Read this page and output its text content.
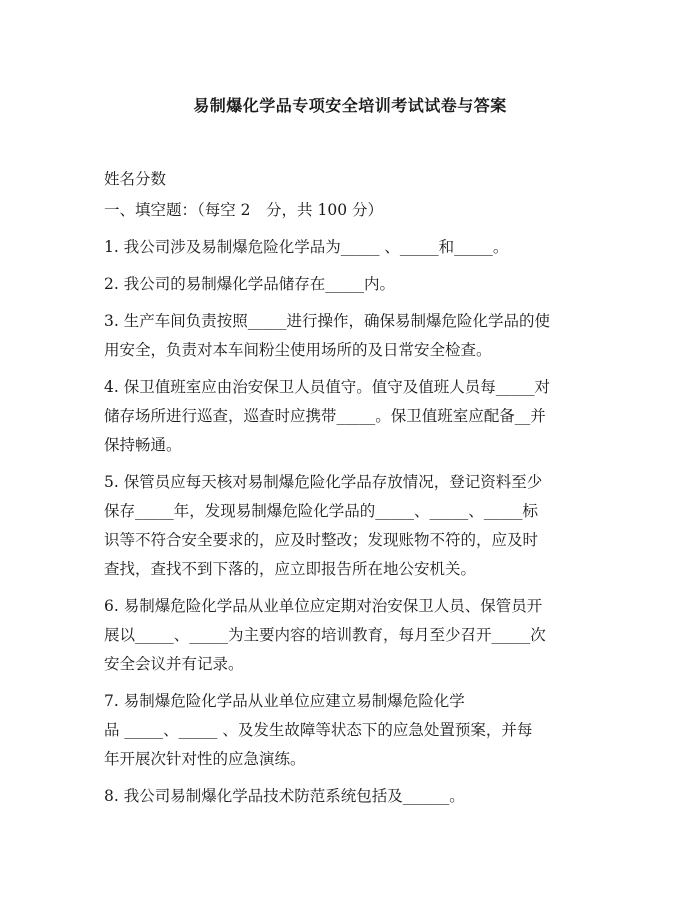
易制爆化学品专项安全培训考试试卷与答案

姓名分数

一、填空题：（每空 2　分，共 100 分）

1. 我公司涉及易制爆危险化学品为_____ 、_____和_____。

2. 我公司的易制爆化学品储存在_____内。

3. 生产车间负责按照_____进行操作，确保易制爆危险化学品的使

用安全，负责对本车间粉尘使用场所的及日常安全检查。

4. 保卫值班室应由治安保卫人员值守。值守及值班人员每_____对

储存场所进行巡查，巡查时应携带_____。保卫值班室应配备__并

保持畅通。

5. 保管员应每天核对易制爆危险化学品存放情况，登记资料至少

保存_____年，发现易制爆危险化学品的_____、_____、_____标

识等不符合安全要求的，应及时整改；发现账物不符的，应及时

查找，查找不到下落的，应立即报告所在地公安机关。

6. 易制爆危险化学品从业单位应定期对治安保卫人员、保管员开

展以_____、_____为主要内容的培训教育，每月至少召开_____次

安全会议并有记录。

7. 易制爆危险化学品从业单位应建立易制爆危险化学

品 _____、_____ 、及发生故障等状态下的应急处置预案，并每

年开展次针对性的应急演练。

8. 我公司易制爆化学品技术防范系统包括及______。
